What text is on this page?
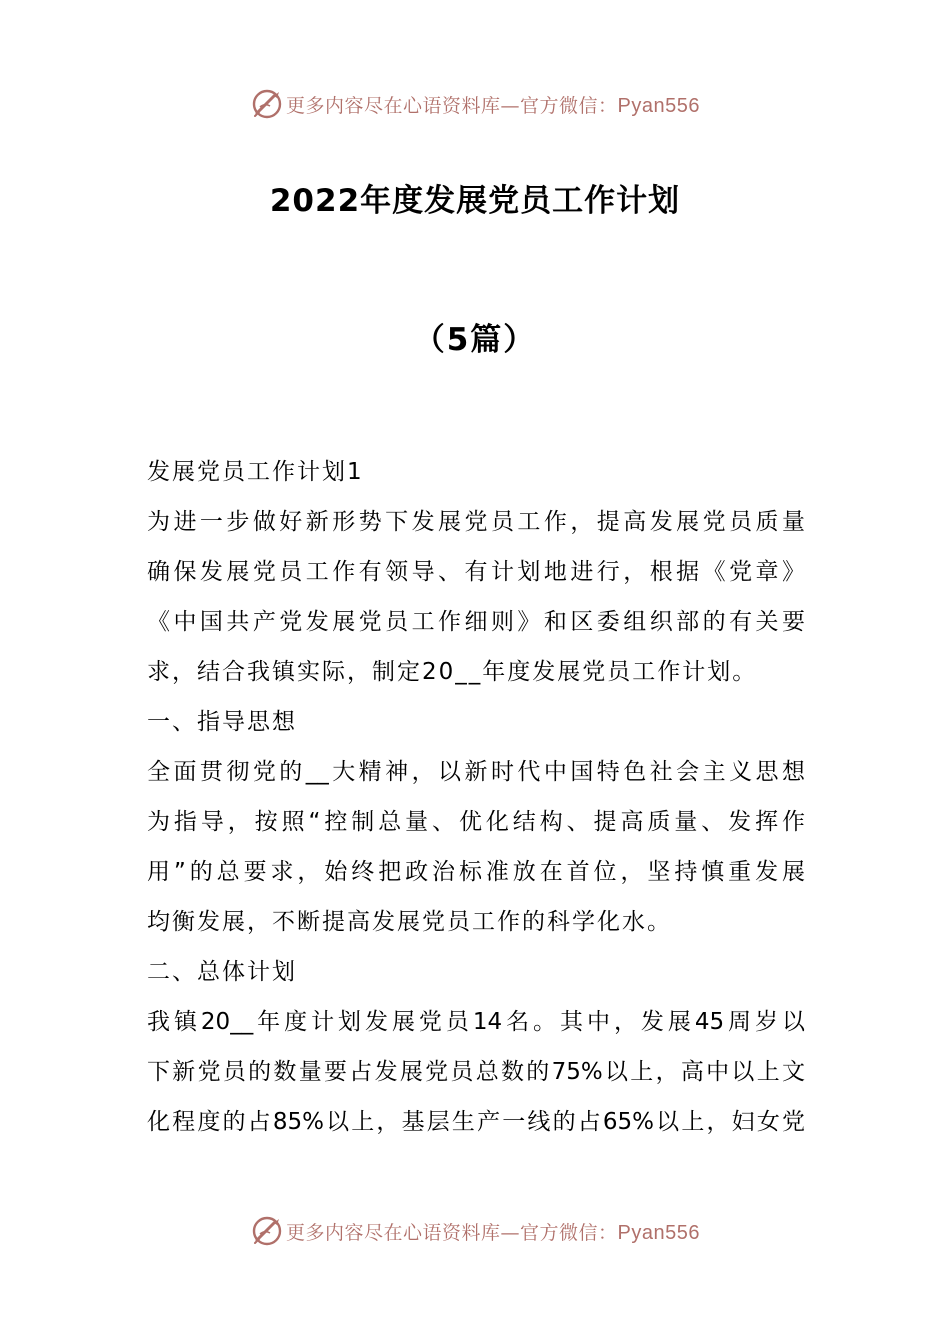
更多内容尽在心语资料库—官方微信：Pyan556
2022年度发展党员工作计划
（5篇）
发展党员工作计划1
为进一步做好新形势下发展党员工作，提高发展党员质量
确保发展党员工作有领导、有计划地进行，根据《党章》
《中国共产党发展党员工作细则》和区委组织部的有关要
求，结合我镇实际，制定20__年度发展党员工作计划。
一、指导思想
全面贯彻党的__大精神，以新时代中国特色社会主义思想
为指导，按照“控制总量、优化结构、提高质量、发挥作
用”的总要求，始终把政治标准放在首位，坚持慎重发展
均衡发展，不断提高发展党员工作的科学化水。
二、总体计划
我镇20__年度计划发展党员14名。其中，发展45周岁以
下新党员的数量要占发展党员总数的75%以上，高中以上文
化程度的占85%以上，基层生产一线的占65%以上，妇女党
更多内容尽在心语资料库—官方微信：Pyan556
